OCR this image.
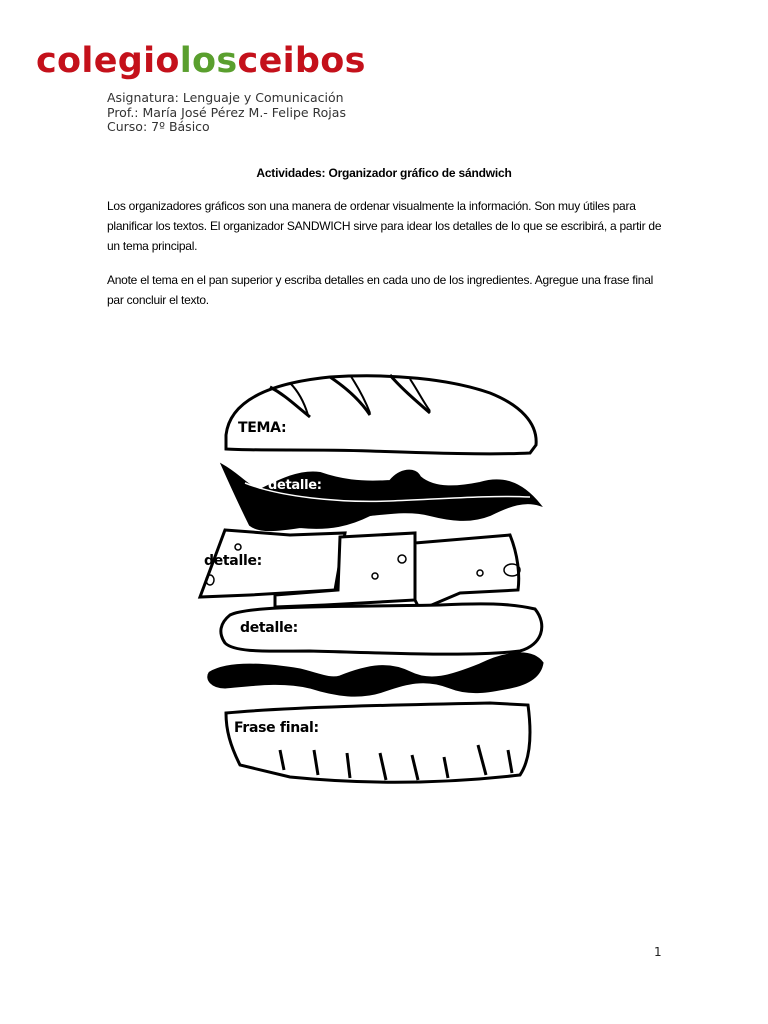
colegiolosceibos
Asignatura: Lenguaje y Comunicación
Prof.: María José Pérez M.- Felipe Rojas
Curso: 7º Básico
Actividades: Organizador gráfico de sándwich
Los organizadores gráficos son una manera de ordenar visualmente la información. Son muy útiles para planificar los textos. El organizador SANDWICH sirve para idear los detalles de lo que se escribirá, a partir de un tema principal.
Anote el tema en el pan superior y escriba detalles en cada uno de los ingredientes. Agregue una frase final par concluir el texto.
TEMA:
detalle:
detalle:
detalle:
Frase final:
1
